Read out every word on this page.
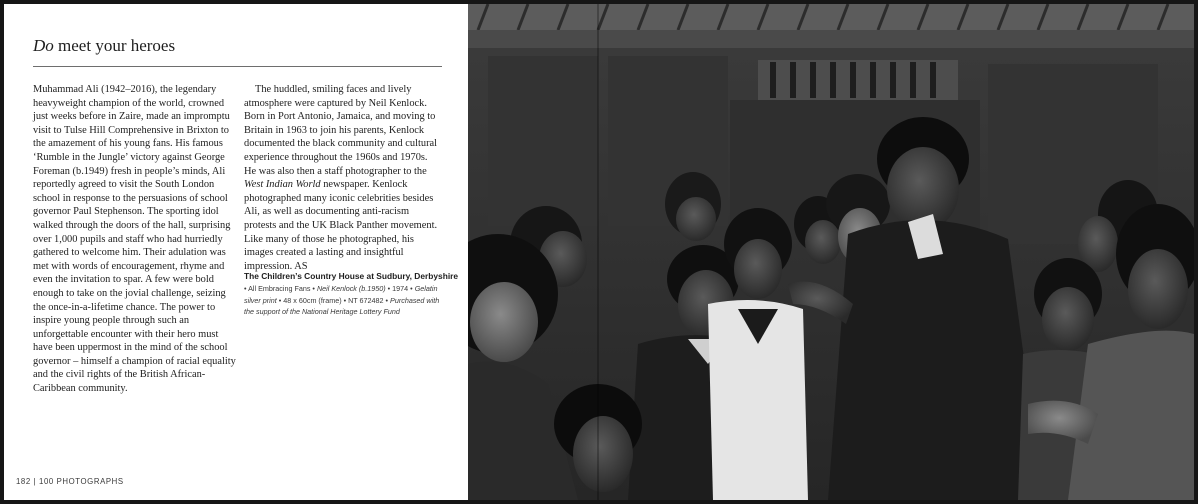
Do meet your heroes

Muhammad Ali (1942–2016), the legendary heavyweight champion of the world, crowned just weeks before in Zaire, made an impromptu visit to Tulse Hill Comprehensive in Brixton to the amazement of his young fans. His famous ‘Rumble in the Jungle’ victory against George Foreman (b.1949) fresh in people’s minds, Ali reportedly agreed to visit the South London school in response to the persuasions of school governor Paul Stephenson. The sporting idol walked through the doors of the hall, surprising over 1,000 pupils and staff who had hurriedly gathered to welcome him. Their adulation was met with words of encouragement, rhyme and even the invitation to spar. A few were bold enough to take on the jovial challenge, seizing the once-in-a-lifetime chance. The power to inspire young people through such an unforgettable encounter with their hero must have been uppermost in the mind of the school governor – himself a champion of racial equality and the civil rights of the British African-Caribbean community.

The huddled, smiling faces and lively atmosphere were captured by Neil Kenlock. Born in Port Antonio, Jamaica, and moving to Britain in 1963 to join his parents, Kenlock documented the black community and cultural experience throughout the 1960s and 1970s. He was also then a staff photographer to the West Indian World newspaper. Kenlock photographed many iconic celebrities besides Ali, as well as documenting anti-racism protests and the UK Black Panther movement. Like many of those he photographed, his images created a lasting and insightful impression. AS

The Children’s Country House at Sudbury, Derbyshire
• All Embracing Fans • Neil Kenlock (b.1950) • 1974 • Gelatin silver print • 48 x 60cm (frame) • NT 672482 • Purchased with the support of the National Heritage Lottery Fund
182 | 100 PHOTOGRAPHS
